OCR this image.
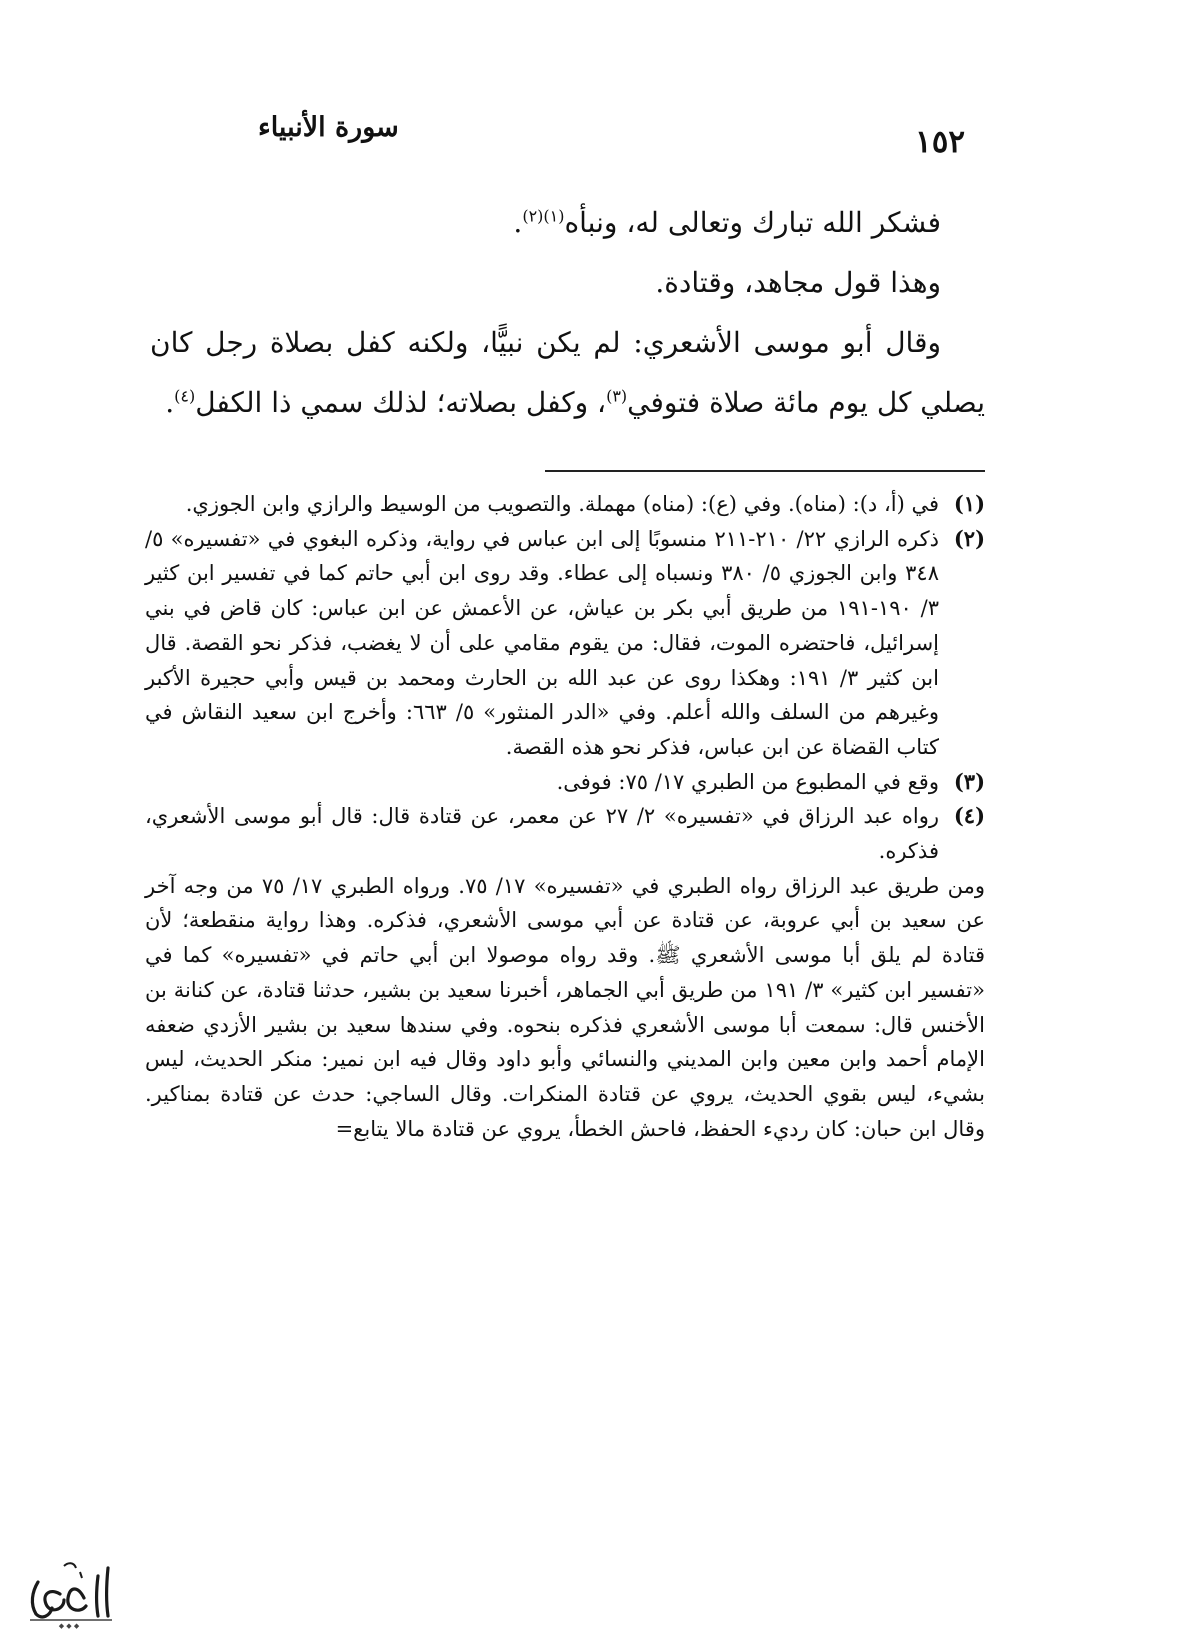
١٥٢
سورة الأنبياء

فشكر الله تبارك وتعالى له، ونبأه$^{(١)(٢)}$.

وهذا قول مجاهد، وقتادة.

وقال أبو موسى الأشعري: لم يكن نبيًّا، ولكنه كفل بصلاة رجل كان يصلي كل يوم مائة صلاة فتوفي$^{(٣)}$، وكفل بصلاته؛ لذلك سمي ذا الكفل$^{(٤)}$.

(١)
في (أ، د): (مناه). وفي (ع): (مناه) مهملة. والتصويب من الوسيط والرازي وابن الجوزي.
(٢)
ذكره الرازي ٢٢/ ٢١٠-٢١١ منسوبًا إلى ابن عباس في رواية، وذكره البغوي في «تفسيره» ٥/ ٣٤٨ وابن الجوزي ٥/ ٣٨٠ ونسباه إلى عطاء. وقد روى ابن أبي حاتم كما في تفسير ابن كثير ٣/ ١٩٠-١٩١ من طريق أبي بكر بن عياش، عن الأعمش عن ابن عباس: كان قاض في بني إسرائيل، فاحتضره الموت، فقال: من يقوم مقامي على أن لا يغضب، فذكر نحو القصة. قال ابن كثير ٣/ ١٩١: وهكذا روى عن عبد الله بن الحارث ومحمد بن قيس وأبي حجيرة الأكبر وغيرهم من السلف والله أعلم. وفي «الدر المنثور» ٥/ ٦٦٣: وأخرج ابن سعيد النقاش في كتاب القضاة عن ابن عباس، فذكر نحو هذه القصة.
(٣)
وقع في المطبوع من الطبري ١٧/ ٧٥: فوفى.
(٤)
رواه عبد الرزاق في «تفسيره» ٢/ ٢٧ عن معمر، عن قتادة قال: قال أبو موسى الأشعري، فذكره.
ومن طريق عبد الرزاق رواه الطبري في «تفسيره» ١٧/ ٧٥. ورواه الطبري ١٧/ ٧٥ من وجه آخر عن سعيد بن أبي عروبة، عن قتادة عن أبي موسى الأشعري، فذكره. وهذا رواية منقطعة؛ لأن قتادة لم يلق أبا موسى الأشعري ﷺ. وقد رواه موصولا ابن أبي حاتم في «تفسيره» كما في «تفسير ابن كثير» ٣/ ١٩١ من طريق أبي الجماهر، أخبرنا سعيد بن بشير، حدثنا قتادة، عن كنانة بن الأخنس قال: سمعت أبا موسى الأشعري فذكره بنحوه. وفي سندها سعيد بن بشير الأزدي ضعفه الإمام أحمد وابن معين وابن المديني والنسائي وأبو داود وقال فيه ابن نمير: منكر الحديث، ليس بشيء، ليس بقوي الحديث، يروي عن قتادة المنكرات. وقال الساجي: حدث عن قتادة بمناكير. وقال ابن حبان: كان رديء الحفظ، فاحش الخطأ، يروي عن قتادة مالا يتابع=
◆ ◆ ◆
